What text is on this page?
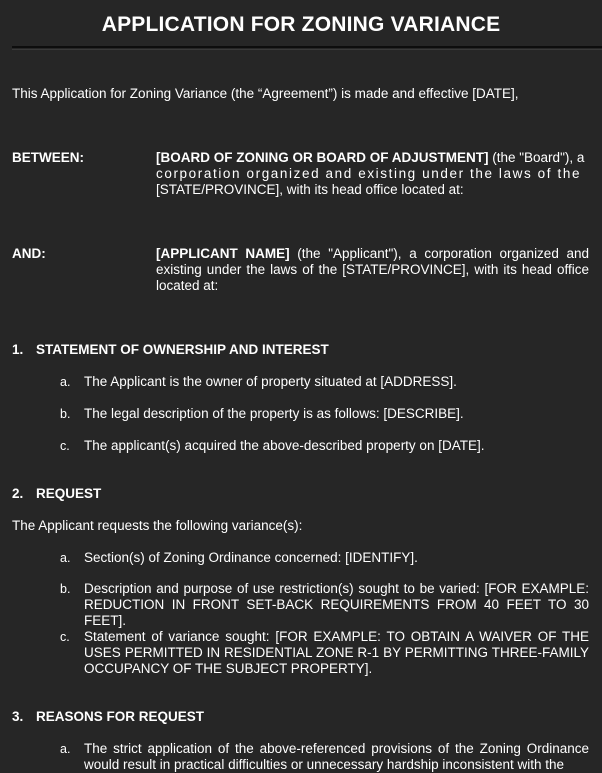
APPLICATION FOR ZONING VARIANCE
This Application for Zoning Variance (the “Agreement”) is made and effective [DATE],
BETWEEN:	[BOARD OF ZONING OR BOARD OF ADJUSTMENT] (the "Board"), a
corporation organized and existing under the laws of the
[STATE/PROVINCE], with its head office located at:
AND:	[APPLICANT NAME] (the "Applicant"), a corporation organized and existing under the laws of the [STATE/PROVINCE], with its head office located at:
1. STATEMENT OF OWNERSHIP AND INTEREST
a.	The Applicant is the owner of property situated at [ADDRESS].
b.	The legal description of the property is as follows: [DESCRIBE].
c.	The applicant(s) acquired the above-described property on [DATE].
2. REQUEST
The Applicant requests the following variance(s):
a.	Section(s) of Zoning Ordinance concerned: [IDENTIFY].
b.	Description and purpose of use restriction(s) sought to be varied: [FOR EXAMPLE: REDUCTION IN FRONT SET-BACK REQUIREMENTS FROM 40 FEET TO 30 FEET].
c.	Statement of variance sought: [FOR EXAMPLE: TO OBTAIN A WAIVER OF THE USES PERMITTED IN RESIDENTIAL ZONE R-1 BY PERMITTING THREE-FAMILY OCCUPANCY OF THE SUBJECT PROPERTY].
3. REASONS FOR REQUEST
a.	The strict application of the above-referenced provisions of the Zoning Ordinance would result in practical difficulties or unnecessary hardship inconsistent with the
